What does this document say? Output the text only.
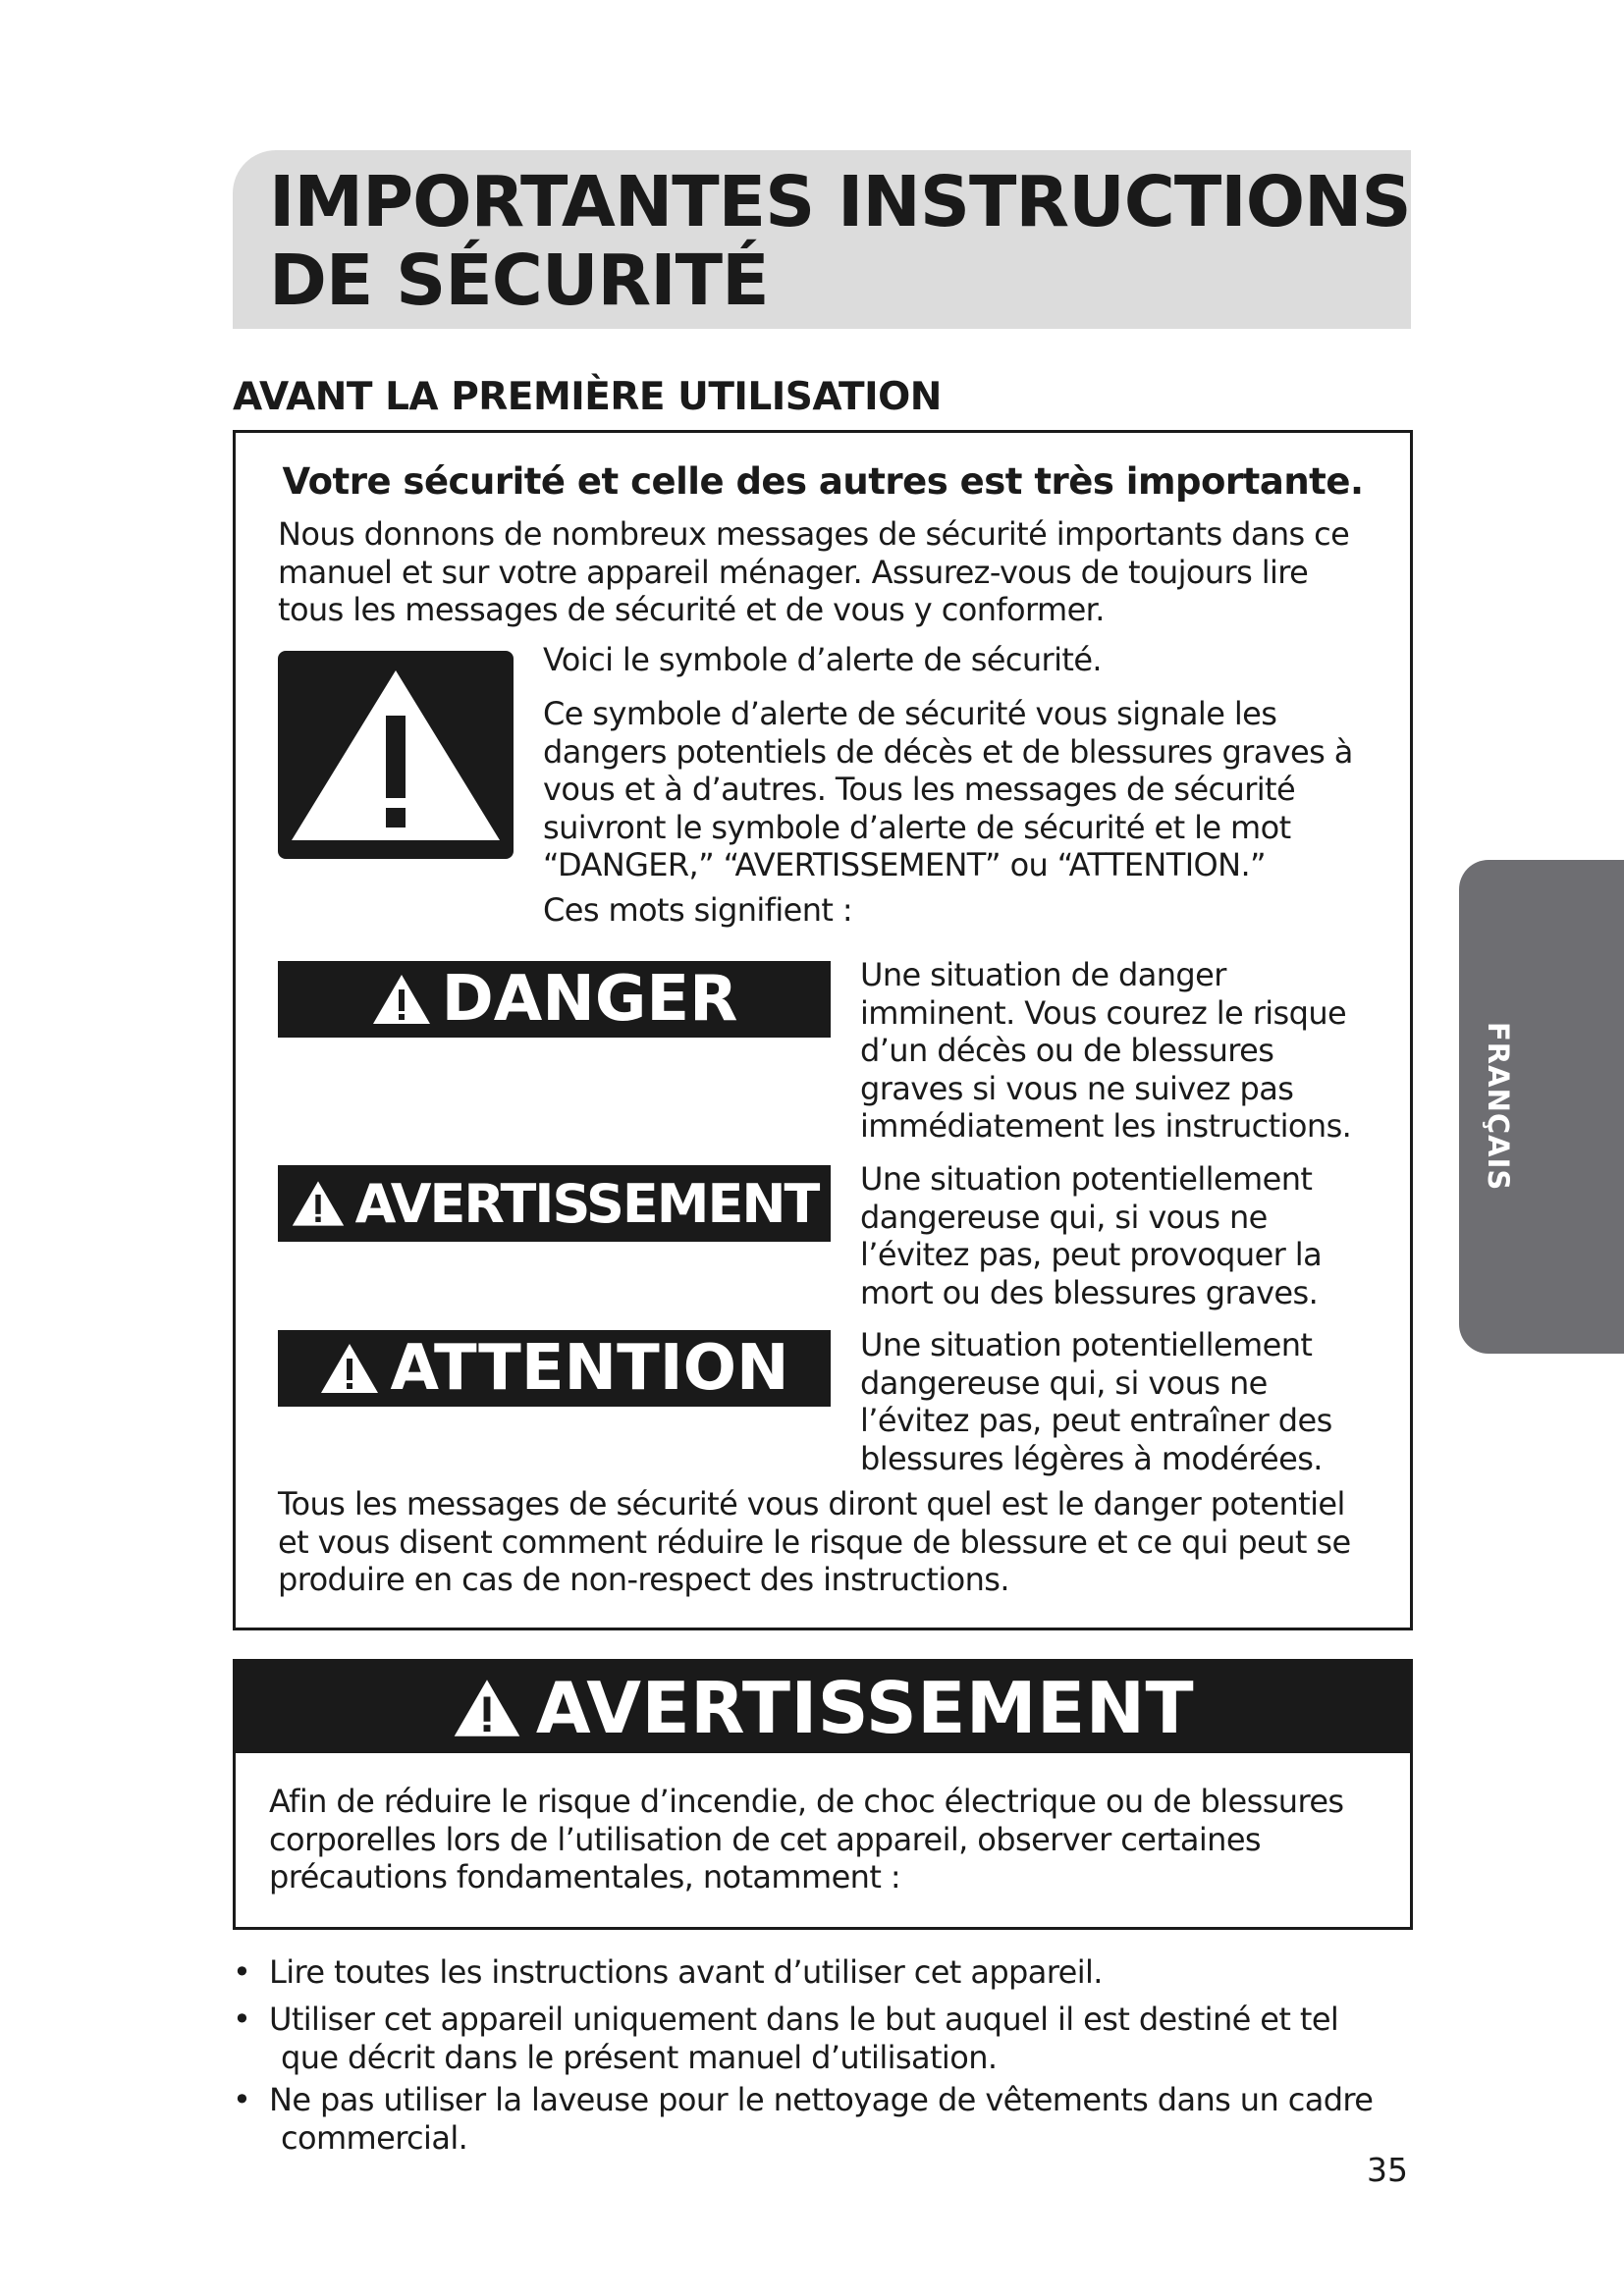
IMPORTANTES INSTRUCTIONS
DE SÉCURITÉ
AVANT LA PREMIÈRE UTILISATION
Votre sécurité et celle des autres est très importante.
Nous donnons de nombreux messages de sécurité importants dans ce
manuel et sur votre appareil ménager. Assurez-vous de toujours lire
tous les messages de sécurité et de vous y conformer.
Voici le symbole d’alerte de sécurité.
Ce symbole d’alerte de sécurité vous signale les
dangers potentiels de décès et de blessures graves à
vous et à d’autres. Tous les messages de sécurité
suivront le symbole d’alerte de sécurité et le mot
“DANGER,” “AVERTISSEMENT” ou “ATTENTION.”
Ces mots signifient :
DANGER	Une situation de danger
imminent. Vous courez le risque
d’un décès ou de blessures
graves si vous ne suivez pas
immédiatement les instructions.
AVERTISSEMENT Une situation potentiellement
dangereuse qui, si vous ne
l’évitez pas, peut provoquer la
mort ou des blessures graves.
ATTENTION Une situation potentiellement
dangereuse qui, si vous ne
l’évitez pas, peut entraîner des
blessures légères à modérées.
Tous les messages de sécurité vous diront quel est le danger potentiel
et vous disent comment réduire le risque de blessure et ce qui peut se
produire en cas de non-respect des instructions.
AVERTISSEMENT
Afin de réduire le risque d’incendie, de choc électrique ou de blessures
corporelles lors de l’utilisation de cet appareil, observer certaines
précautions fondamentales, notamment :
• Lire toutes les instructions avant d’utiliser cet appareil.
• Utiliser cet appareil uniquement dans le but auquel il est destiné et tel
que décrit dans le présent manuel d’utilisation.
• Ne pas utiliser la laveuse pour le nettoyage de vêtements dans un cadre
commercial.
35
FRANÇAIS
